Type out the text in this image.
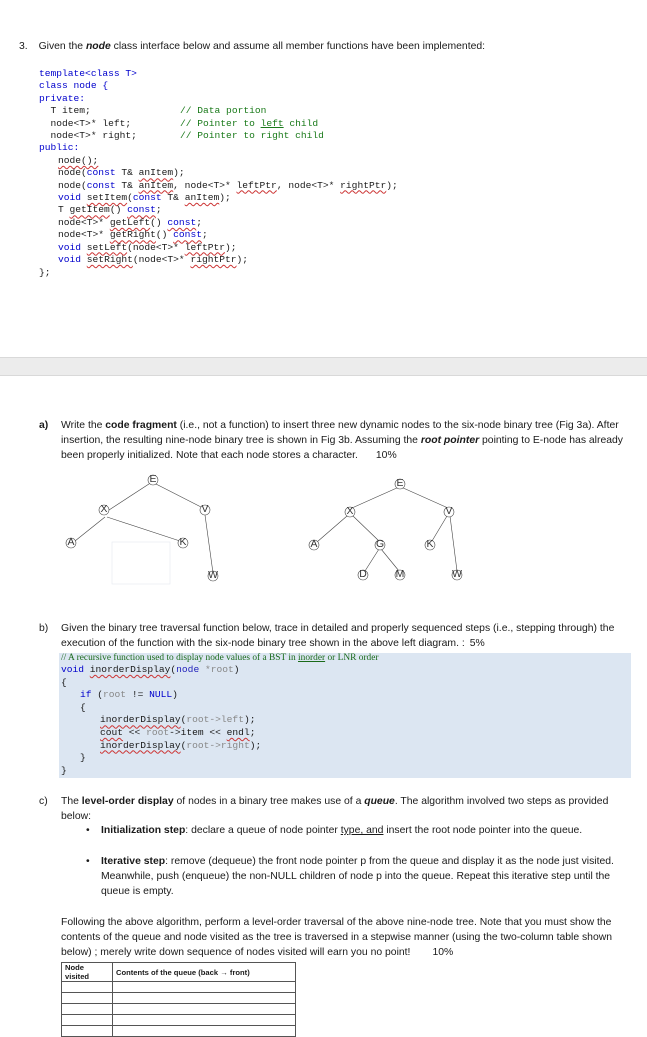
3. Given the node class interface below and assume all member functions have been implemented:
template<class T>
class node {
private:
T item;	// Data portion
node<T>* left;	// Pointer to left child
node<T>* right;	// Pointer to right child
public:
node();
node(const T& anItem);
node(const T& anItem, node<T>* leftPtr, node<T>* rightPtr);
void setItem(const T& anItem);
T getItem() const;
node<T>* getLeft() const;
node<T>* getRight() const;
void setLeft(node<T>* leftPtr);
void setRight(node<T>* rightPtr);
};
a)	Write the code fragment (i.e., not a function) to insert three new dynamic nodes to the six-node binary tree (Fig 3a). After insertion, the resulting nine-node binary tree is shown in Fig 3b. Assuming the root pointer pointing to E-node has already been properly initialized. Note that each node stores a character. 10%
E
X	V
A	K
W
E
X	V
A	G	K
W
D	M
b)	Given the binary tree traversal function below, trace in detailed and properly sequenced steps (i.e., stepping through) the execution of the function with the six-node binary tree shown in the above left diagram. : 5%
// A recursive function used to display node values of a BST in inorder or LNR order
void inorderDisplay(node *root)
{
if (root != NULL)
{
inorderDisplay(root->left);
cout << root->item << endl;
inorderDisplay(root->right);
}
}
c)	The level-order display of nodes in a binary tree makes use of a queue. The algorithm involved two steps as provided below:
• Initialization step: declare a queue of node pointer type, and insert the root node pointer into the queue.
• Iterative step: remove (dequeue) the front node pointer p from the queue and display it as the node just visited. Meanwhile, push (enqueue) the non-NULL children of node p into the queue. Repeat this iterative step until the queue is empty.
Following the above algorithm, perform a level-order traversal of the above nine-node tree. Note that you must show the contents of the queue and node visited as the tree is traversed in a stepwise manner (using the two-column table shown below) ; merely write down sequence of nodes visited will earn you no point! 10%
Node visited	Contents of the queue (back → front)
